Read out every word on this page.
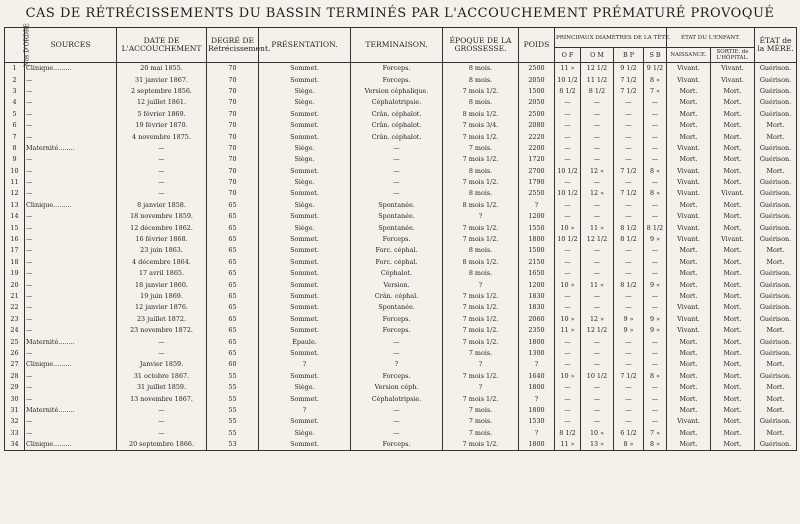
CAS DE RÉTRÉCISSEMENTS DU BASSIN TERMINÉS PAR L'ACCOUCHEMENT PRÉMATURÉ PROVOQUÉ
Nos D'ORDRE	SOURCES	DATE DE L'ACCOUCHEMENT	DEGRÉ DE Rétrécissement.	PRÉSENTATION.	TERMINAISON.	ÉPOQUE DE LA GROSSESSE.	POIDS	PRINCIPAUX DIAMÈTRES DE LA TÊTE.				ÉTAT DU L'ENFANT.		ÉTAT de la MÈRE.
								O F	O M	B P	S B	NAISSANCE.	SORTIE. de L'HÔPITAL.	
1	Clinique.........	20 mai 1855.	70	Sommet.	Forceps.	8 mois.	2500	11 »	12 1/2	9 1/2	9 1/2	Vivant.	Vivant.	Guérison.
2	—	31 janvier 1867.	70	Sommet.	Forceps.	8 mois.	2050	10 1/2	11 1/2	7 1/2	8 »	Vivant.	Vivant.	Guérison.
3	—	2 septembre 1856.	70	Siège.	Version céphalique.	7 mois 1/2.	1500	8 1/2	8 1/2	7 1/2	7 »	Mort.	Mort.	Guérison.
4	—	12 juillet 1861.	70	Siège.	Céphalotripsie.	8 mois.	2050	—	—	—	—	Mort.	Mort.	Guérison.
5	—	5 février 1869.	70	Sommet.	Crân. céphalot.	8 mois 1/2.	2500	—	—	—	—	Mort.	Mort.	Guérison.
6	—	19 février 1870.	70	Sommet.	Crân. céphalot.	7 mois 3/4.	2080	—	—	—	—	Mort.	Mort.	Mort.
7	—	4 novembre 1875.	70	Sommet.	Crân. céphalot.	7 mois 1/2.	2220	—	—	—	—	Mort.	Mort.	Mort.
8	Maternité........	—	70	Siège.	—	7 mois.	2200	—	—	—	—	Vivant.	Mort.	Guérison.
9	—	—	70	Siège.	—	7 mois 1/2.	1720	—	—	—	—	Mort.	Mort.	Guérison.
10	—	—	70	Sommet.	—	8 mois.	2700	10 1/2	12 »	7 1/2	8 »	Vivant.	Mort.	Mort.
11	—	—	70	Siège.	—	7 mois 1/2.	1790	—	—	—	—	Vivant.	Mort.	Guérison.
12	—	—	70	Sommet.	—	8 mois.	2550	10 1/2	12 »	7 1/2	8 »	Vivant.	Vivant.	Guérison.
13	Clinique.........	8 janvier 1858.	65	Siège.	Spontanée.	8 mois 1/2.	?	—	—	—	—	Mort.	Mort.	Guérison.
14	—	18 novembre 1859.	65	Sommet.	Spontanée.	?	1200	—	—	—	—	Vivant.	Mort.	Guérison.
15	—	12 décembre 1862.	65	Siège.	Spontanée.	7 mois 1/2.	1550	10 »	11 »	8 1/2	8 1/2	Vivant.	Mort.	Guérison.
16	—	16 février 1868.	65	Sommet.	Forceps.	7 mois 1/2.	1800	10 1/2	12 1/2	8 1/2	9 »	Vivant.	Vivant.	Guérison.
17	—	23 juin 1863.	65	Sommet.	Forc. céphal.	8 mois.	1500	—	—	—	—	Mort.	Mort.	Mort.
18	—	4 décembre 1864.	65	Sommet.	Forc. céphal.	8 mois 1/2.	2150	—	—	—	—	Mort.	Mort.	Mort.
19	—	17 avril 1865.	65	Sommet.	Céphalot.	8 mois.	1650	—	—	—	—	Mort.	Mort.	Guérison.
20	—	18 janvier 1860.	65	Sommet.	Version.	?	1200	10 »	11 »	8 1/2	9 »	Mort.	Mort.	Guérison.
21	—	19 juin 1869.	65	Sommet.	Crân. céphal.	7 mois 1/2.	1830	—	—	—	—	Mort.	Mort.	Guérison.
22	—	12 janvier 1876.	65	Sommet.	Spontanée.	7 mois 1/2.	1830	—	—	—	—	Vivant.	Mort.	Guérison.
23	—	23 juillet 1872.	65	Sommet.	Forceps.	7 mois 1/2.	2060	10 »	12 »	9 »	9 »	Vivant.	Mort.	Guérison.
24	—	23 novembre 1872.	65	Sommet.	Forceps.	7 mois 1/2.	2350	11 »	12 1/2	9 »	9 »	Vivant.	Mort.	Mort.
25	Maternité........	—	65	Épaule.	—	7 mois 1/2.	1800	—	—	—	—	Mort.	Mort.	Guérison.
26	—	—	65	Sommet.	—	7 mois.	1300	—	—	—	—	Mort.	Mort.	Guérison.
27	Clinique.........	Janvier 1859.	60	?	?	?	?	—	—	—	—	Mort.	Mort.	Mort.
28	—	31 octobre 1867.	55	Sommet.	Forceps.	7 mois 1/2.	1640	10 »	10 1/2	7 1/2	8 »	Mort.	Mort.	Guérison.
29	—	31 juillet 1859.	55	Siège.	Version céph.	?	1800	—	—	—	—	Mort.	Mort.	Mort.
30	—	13 novembre 1867.	55	Sommet.	Céphalotripsie.	7 mois 1/2.	?	—	—	—	—	Mort.	Mort.	Mort.
31	Maternité........	—	55	?	—	7 mois.	1800	—	—	—	—	Mort.	Mort.	Mort.
32	—	—	55	Sommet.	—	7 mois.	1530	—	—	—	—	Vivant.	Mort.	Guérison.
33	—	—	55	Siège.	—	7 mois.	?	8 1/2	10 »	6 1/2	7 »	Mort.	Mort.	Mort.
34	Clinique.........	20 septembre 1866.	53	Sommet.	Forceps.	7 mois 1/2.	1800	11 »	13 »	8 »	8 »	Mort.	Mort.	Guérison.
